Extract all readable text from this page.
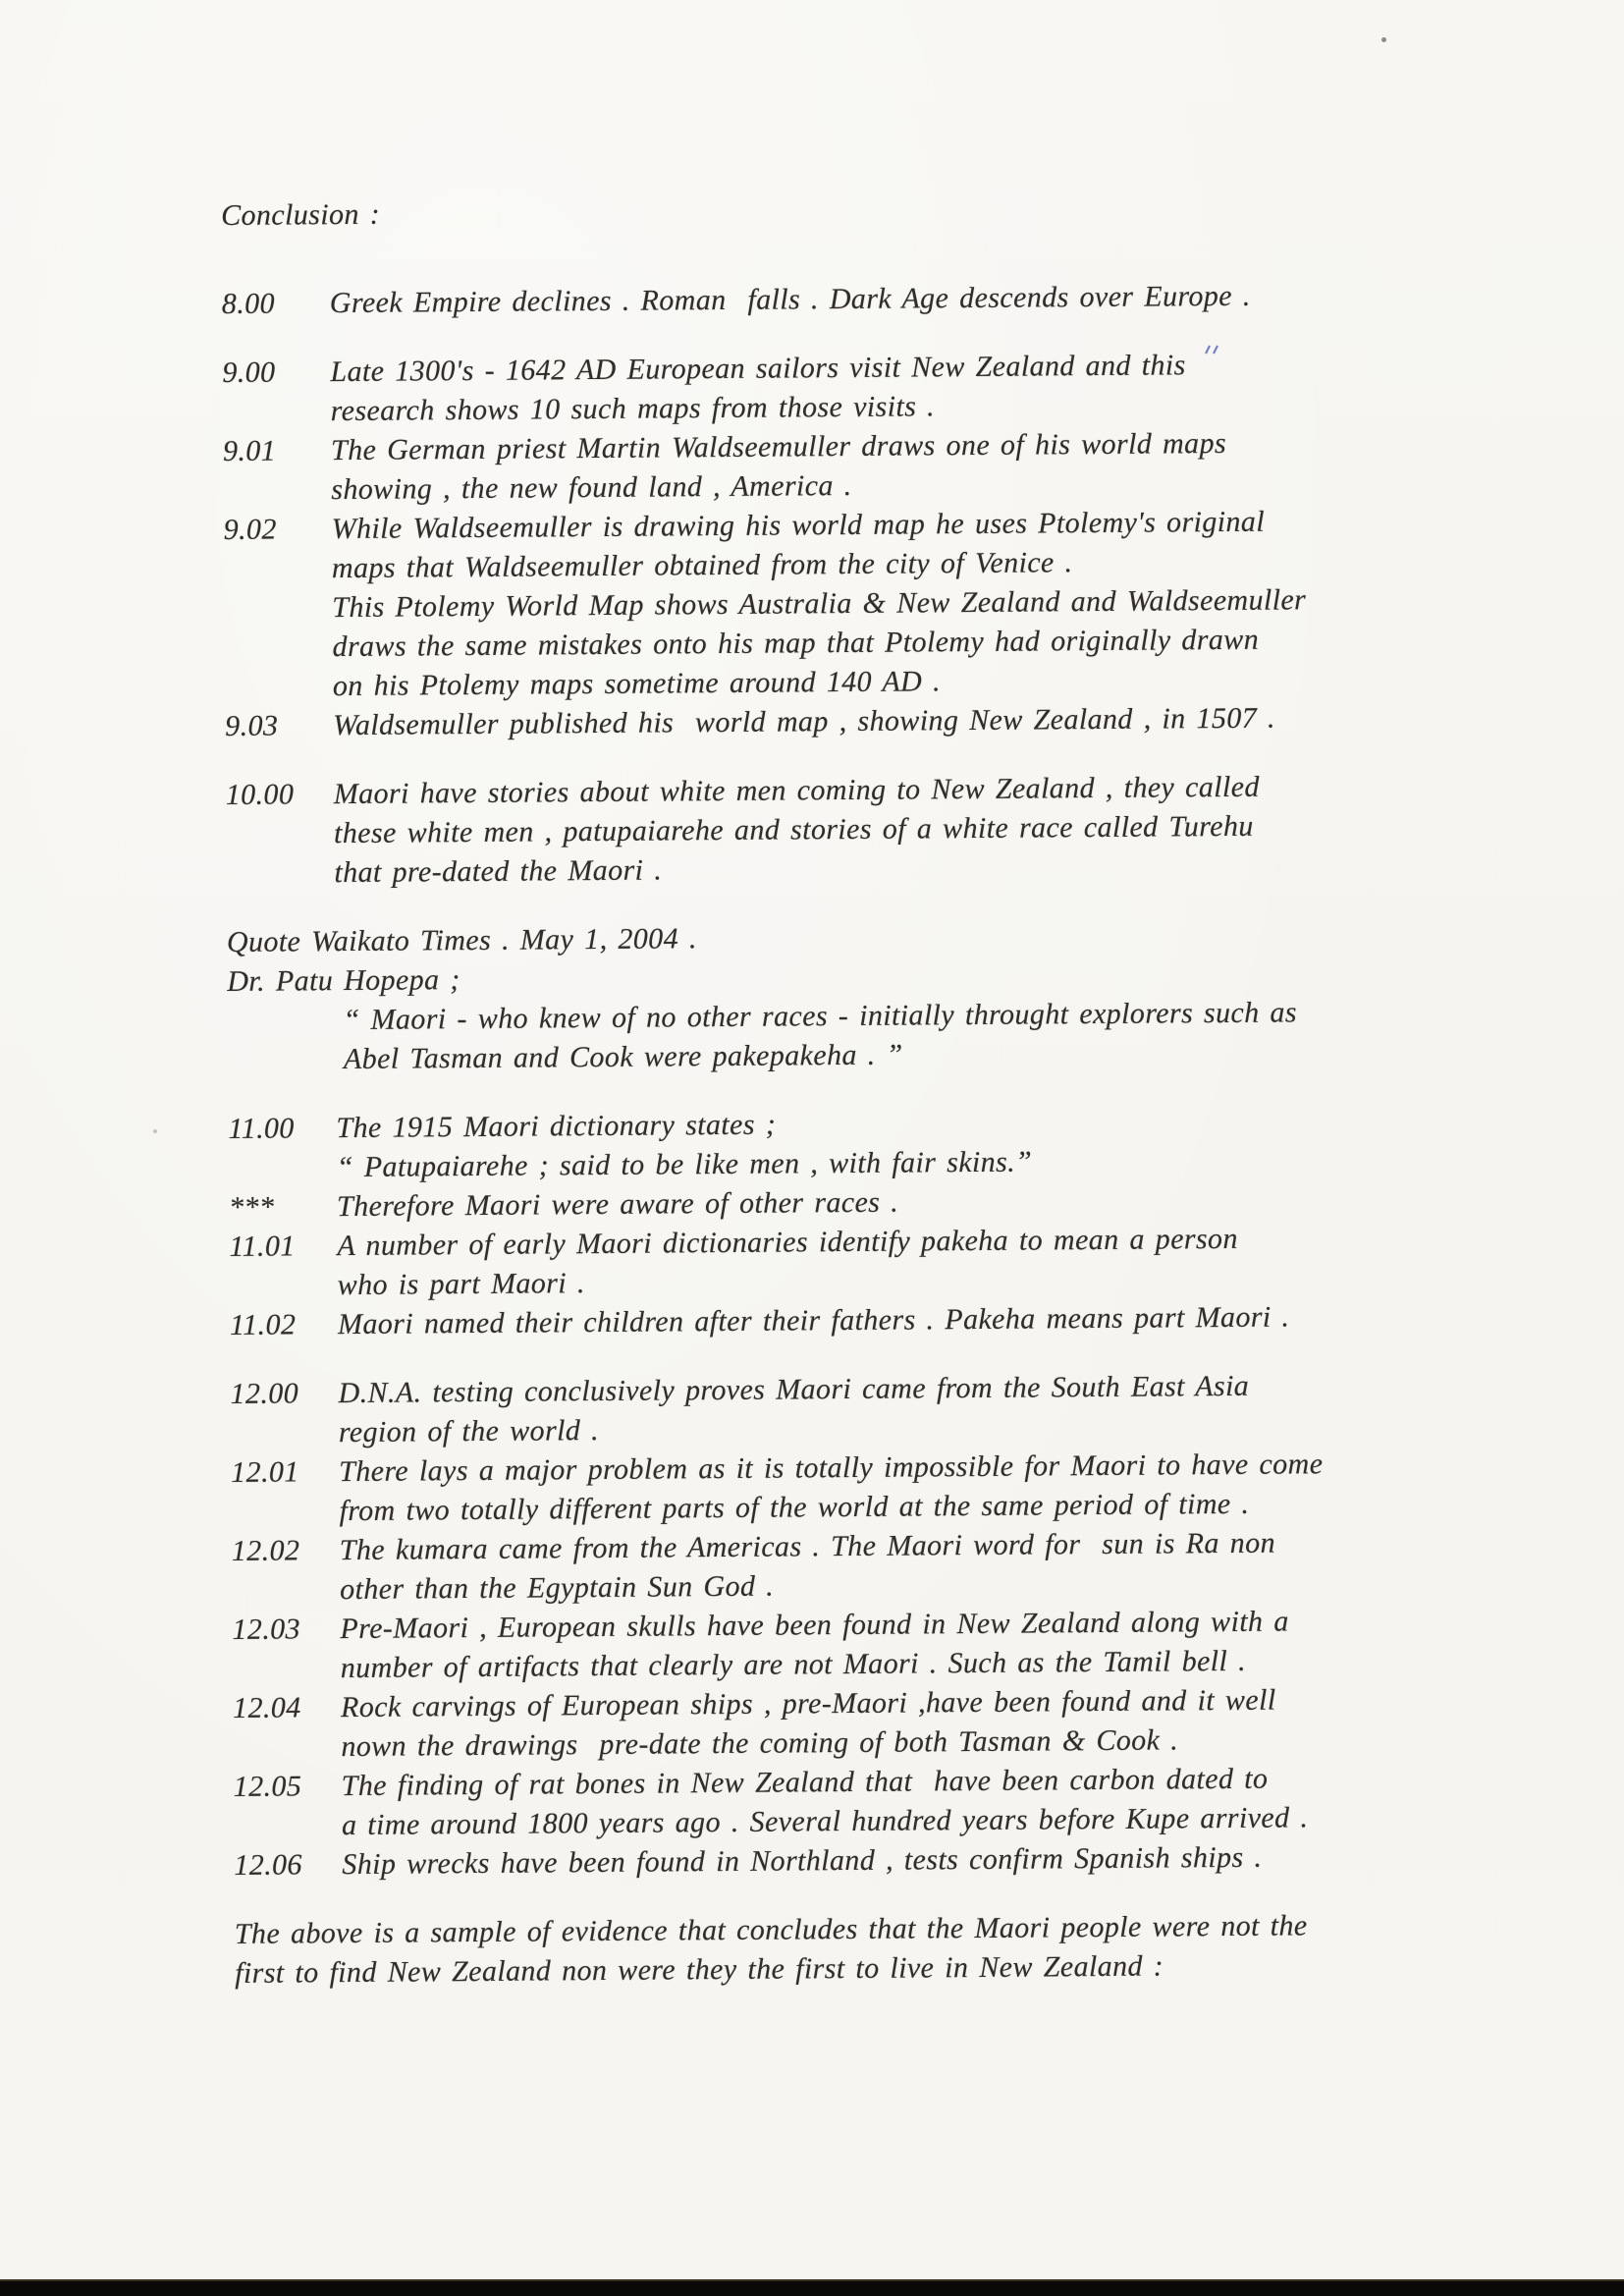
Conclusion :
8.00	Greek Empire declines . Roman  falls . Dark Age descends over Europe .
9.00	Late 1300's - 1642 AD European sailors visit New Zealand and this
research shows 10 such maps from those visits .
9.01	The German priest Martin Waldseemuller draws one of his world maps
showing , the new found land , America .
9.02	While Waldseemuller is drawing his world map he uses Ptolemy's original
maps that Waldseemuller obtained from the city of Venice .
This Ptolemy World Map shows Australia & New Zealand and Waldseemuller
draws the same mistakes onto his map that Ptolemy had originally drawn
on his Ptolemy maps sometime around 140 AD .
9.03	Waldsemuller published his  world map , showing New Zealand , in 1507 .
10.00	Maori have stories about white men coming to New Zealand , they called
these white men , patupaiarehe and stories of a white race called Turehu
that pre-dated the Maori .
Quote Waikato Times . May 1, 2004 .
Dr. Patu Hopepa ;
“ Maori - who knew of no other races - initially throught explorers such as
Abel Tasman and Cook were pakepakeha . ”
11.00	The 1915 Maori dictionary states ;
“ Patupaiarehe ; said to be like men , with fair skins.”
***	Therefore Maori were aware of other races .
11.01	A number of early Maori dictionaries identify pakeha to mean a person
who is part Maori .
11.02	Maori named their children after their fathers . Pakeha means part Maori .
12.00	D.N.A. testing conclusively proves Maori came from the South East Asia
region of the world .
12.01	There lays a major problem as it is totally impossible for Maori to have come
from two totally different parts of the world at the same period of time .
12.02	The kumara came from the Americas . The Maori word for  sun is Ra non
other than the Egyptain Sun God .
12.03	Pre-Maori , European skulls have been found in New Zealand along with a
number of artifacts that clearly are not Maori . Such as the Tamil bell .
12.04	Rock carvings of European ships , pre-Maori ,have been found and it well
nown the drawings  pre-date the coming of both Tasman & Cook .
12.05	The finding of rat bones in New Zealand that  have been carbon dated to
a time around 1800 years ago . Several hundred years before Kupe arrived .
12.06	Ship wrecks have been found in Northland , tests confirm Spanish ships .
The above is a sample of evidence that concludes that the Maori people were not the
first to find New Zealand non were they the first to live in New Zealand :
